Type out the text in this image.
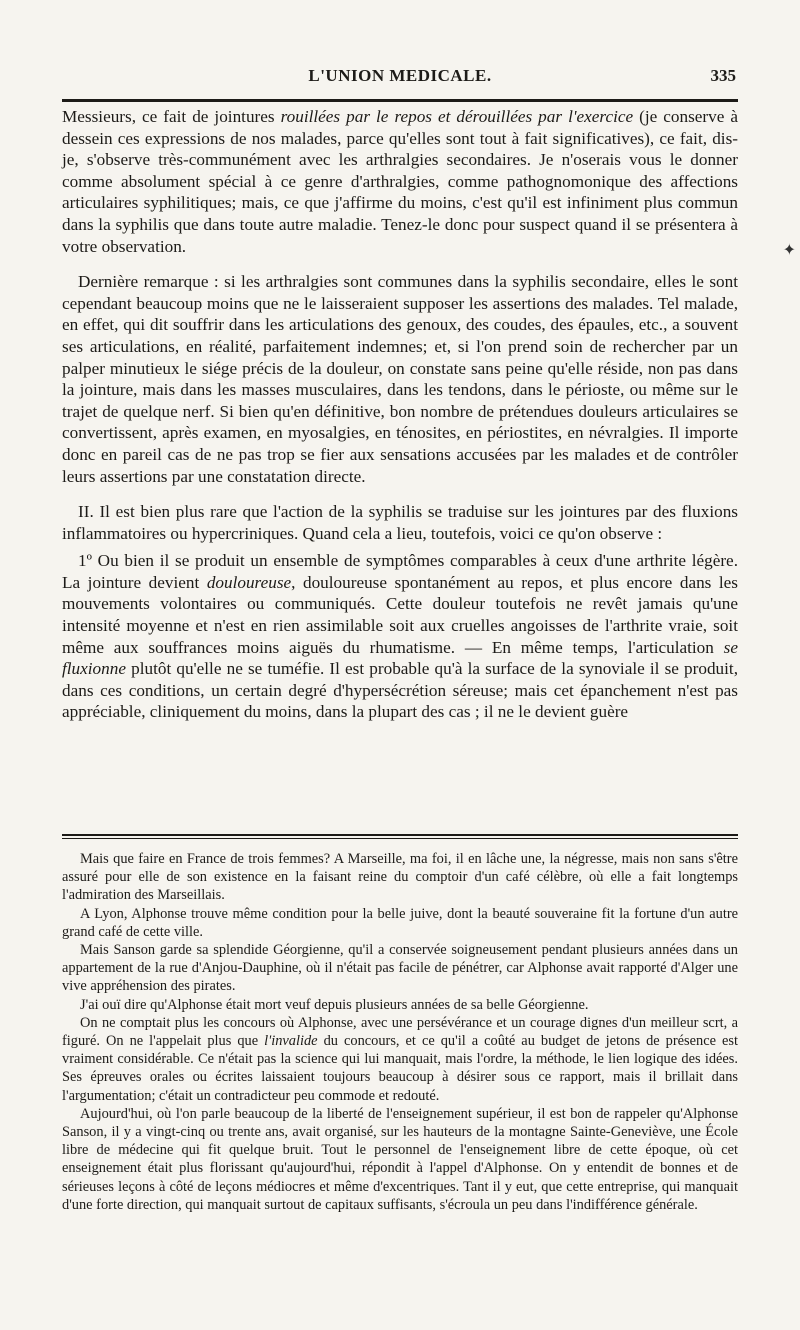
L'UNION MЕDICALE.	335

Messieurs, ce fait de jointures rouillées par le repos et dérouillées par l'exercice (je conserve à dessein ces expressions de nos malades, parce qu'elles sont tout à fait significatives), ce fait, dis-je, s'observe très-communément avec les arthralgies secondaires. Je n'oserais vous le donner comme absolument spécial à ce genre d'arthralgies, comme pathognomonique des affections articulaires syphilitiques; mais, ce que j'affirme du moins, c'est qu'il est infiniment plus commun dans la syphilis que dans toute autre maladie. Tenez-le donc pour suspect quand il se présentera à votre observation.

Dernière remarque : si les arthralgies sont communes dans la syphilis secondaire, elles le sont cependant beaucoup moins que ne le laisseraient supposer les assertions des malades. Tel malade, en effet, qui dit souffrir dans les articulations des genoux, des coudes, des épaules, etc., a souvent ses articulations, en réalité, parfaitement indemnes; et, si l'on prend soin de rechercher par un palper minutieux le siége précis de la douleur, on constate sans peine qu'elle réside, non pas dans la jointure, mais dans les masses musculaires, dans les tendons, dans le périoste, ou même sur le trajet de quelque nerf. Si bien qu'en définitive, bon nombre de prétendues douleurs articulaires se convertissent, après examen, en myosalgies, en ténosites, en périostites, en névralgies. Il importe donc en pareil cas de ne pas trop se fier aux sensations accusées par les malades et de contrôler leurs assertions par une constatation directe.

II. Il est bien plus rare que l'action de la syphilis se traduise sur les jointures par des fluxions inflammatoires ou hypercriniques. Quand cela a lieu, toutefois, voici ce qu'on observe :

1º Ou bien il se produit un ensemble de symptômes comparables à ceux d'une arthrite légère. La jointure devient douloureuse, douloureuse spontanément au repos, et plus encore dans les mouvements volontaires ou communiqués. Cette douleur toutefois ne revêt jamais qu'une intensité moyenne et n'est en rien assimilable soit aux cruelles angoisses de l'arthrite vraie, soit même aux souffrances moins aiguës du rhumatisme. — En même temps, l'articulation se fluxionne plutôt qu'elle ne se tuméfie. Il est probable qu'à la surface de la synoviale il se produit, dans ces conditions, un certain degré d'hypersécrétion séreuse; mais cet épanchement n'est pas appréciable, cliniquement du moins, dans la plupart des cas ; il ne le devient guère

Mais que faire en France de trois femmes? A Marseille, ma foi, il en lâche une, la négresse, mais non sans s'être assuré pour elle de son existence en la faisant reine du comptoir d'un café célèbre, où elle a fait longtemps l'admiration des Marseillais.

A Lyon, Alphonse trouve même condition pour la belle juive, dont la beauté souveraine fit la fortune d'un autre grand café de cette ville.

Mais Sanson garde sa splendide Géorgienne, qu'il a conservée soigneusement pendant plusieurs années dans un appartement de la rue d'Anjou-Dauphine, où il n'était pas facile de pénétrer, car Alphonse avait rapporté d'Alger une vive appréhension des pirates.

J'ai ouï dire qu'Alphonse était mort veuf depuis plusieurs années de sa belle Géorgienne.

On ne comptait plus les concours où Alphonse, avec une persévérance et un courage dignes d'un meilleur scrt, a figuré. On ne l'appelait plus que l'invalide du concours, et ce qu'il a coûté au budget de jetons de présence est vraiment considérable. Ce n'était pas la science qui lui manquait, mais l'ordre, la méthode, le lien logique des idées. Ses épreuves orales ou écrites laissaient toujours beaucoup à désirer sous ce rapport, mais il brillait dans l'argumentation; c'était un contradicteur peu commode et redouté.

Aujourd'hui, où l'on parle beaucoup de la liberté de l'enseignement supérieur, il est bon de rappeler qu'Alphonse Sanson, il y a vingt-cinq ou trente ans, avait organisé, sur les hauteurs de la montagne Sainte-Geneviève, une École libre de médecine qui fit quelque bruit. Tout le personnel de l'enseignement libre de cette époque, où cet enseignement était plus florissant qu'aujourd'hui, répondit à l'appel d'Alphonse. On y entendit de bonnes et de sérieuses leçons à côté de leçons médiocres et même d'excentriques. Tant il y eut, que cette entreprise, qui manquait d'une forte direction, qui manquait surtout de capitaux suffisants, s'écroula un peu dans l'indifférence générale.

✦
